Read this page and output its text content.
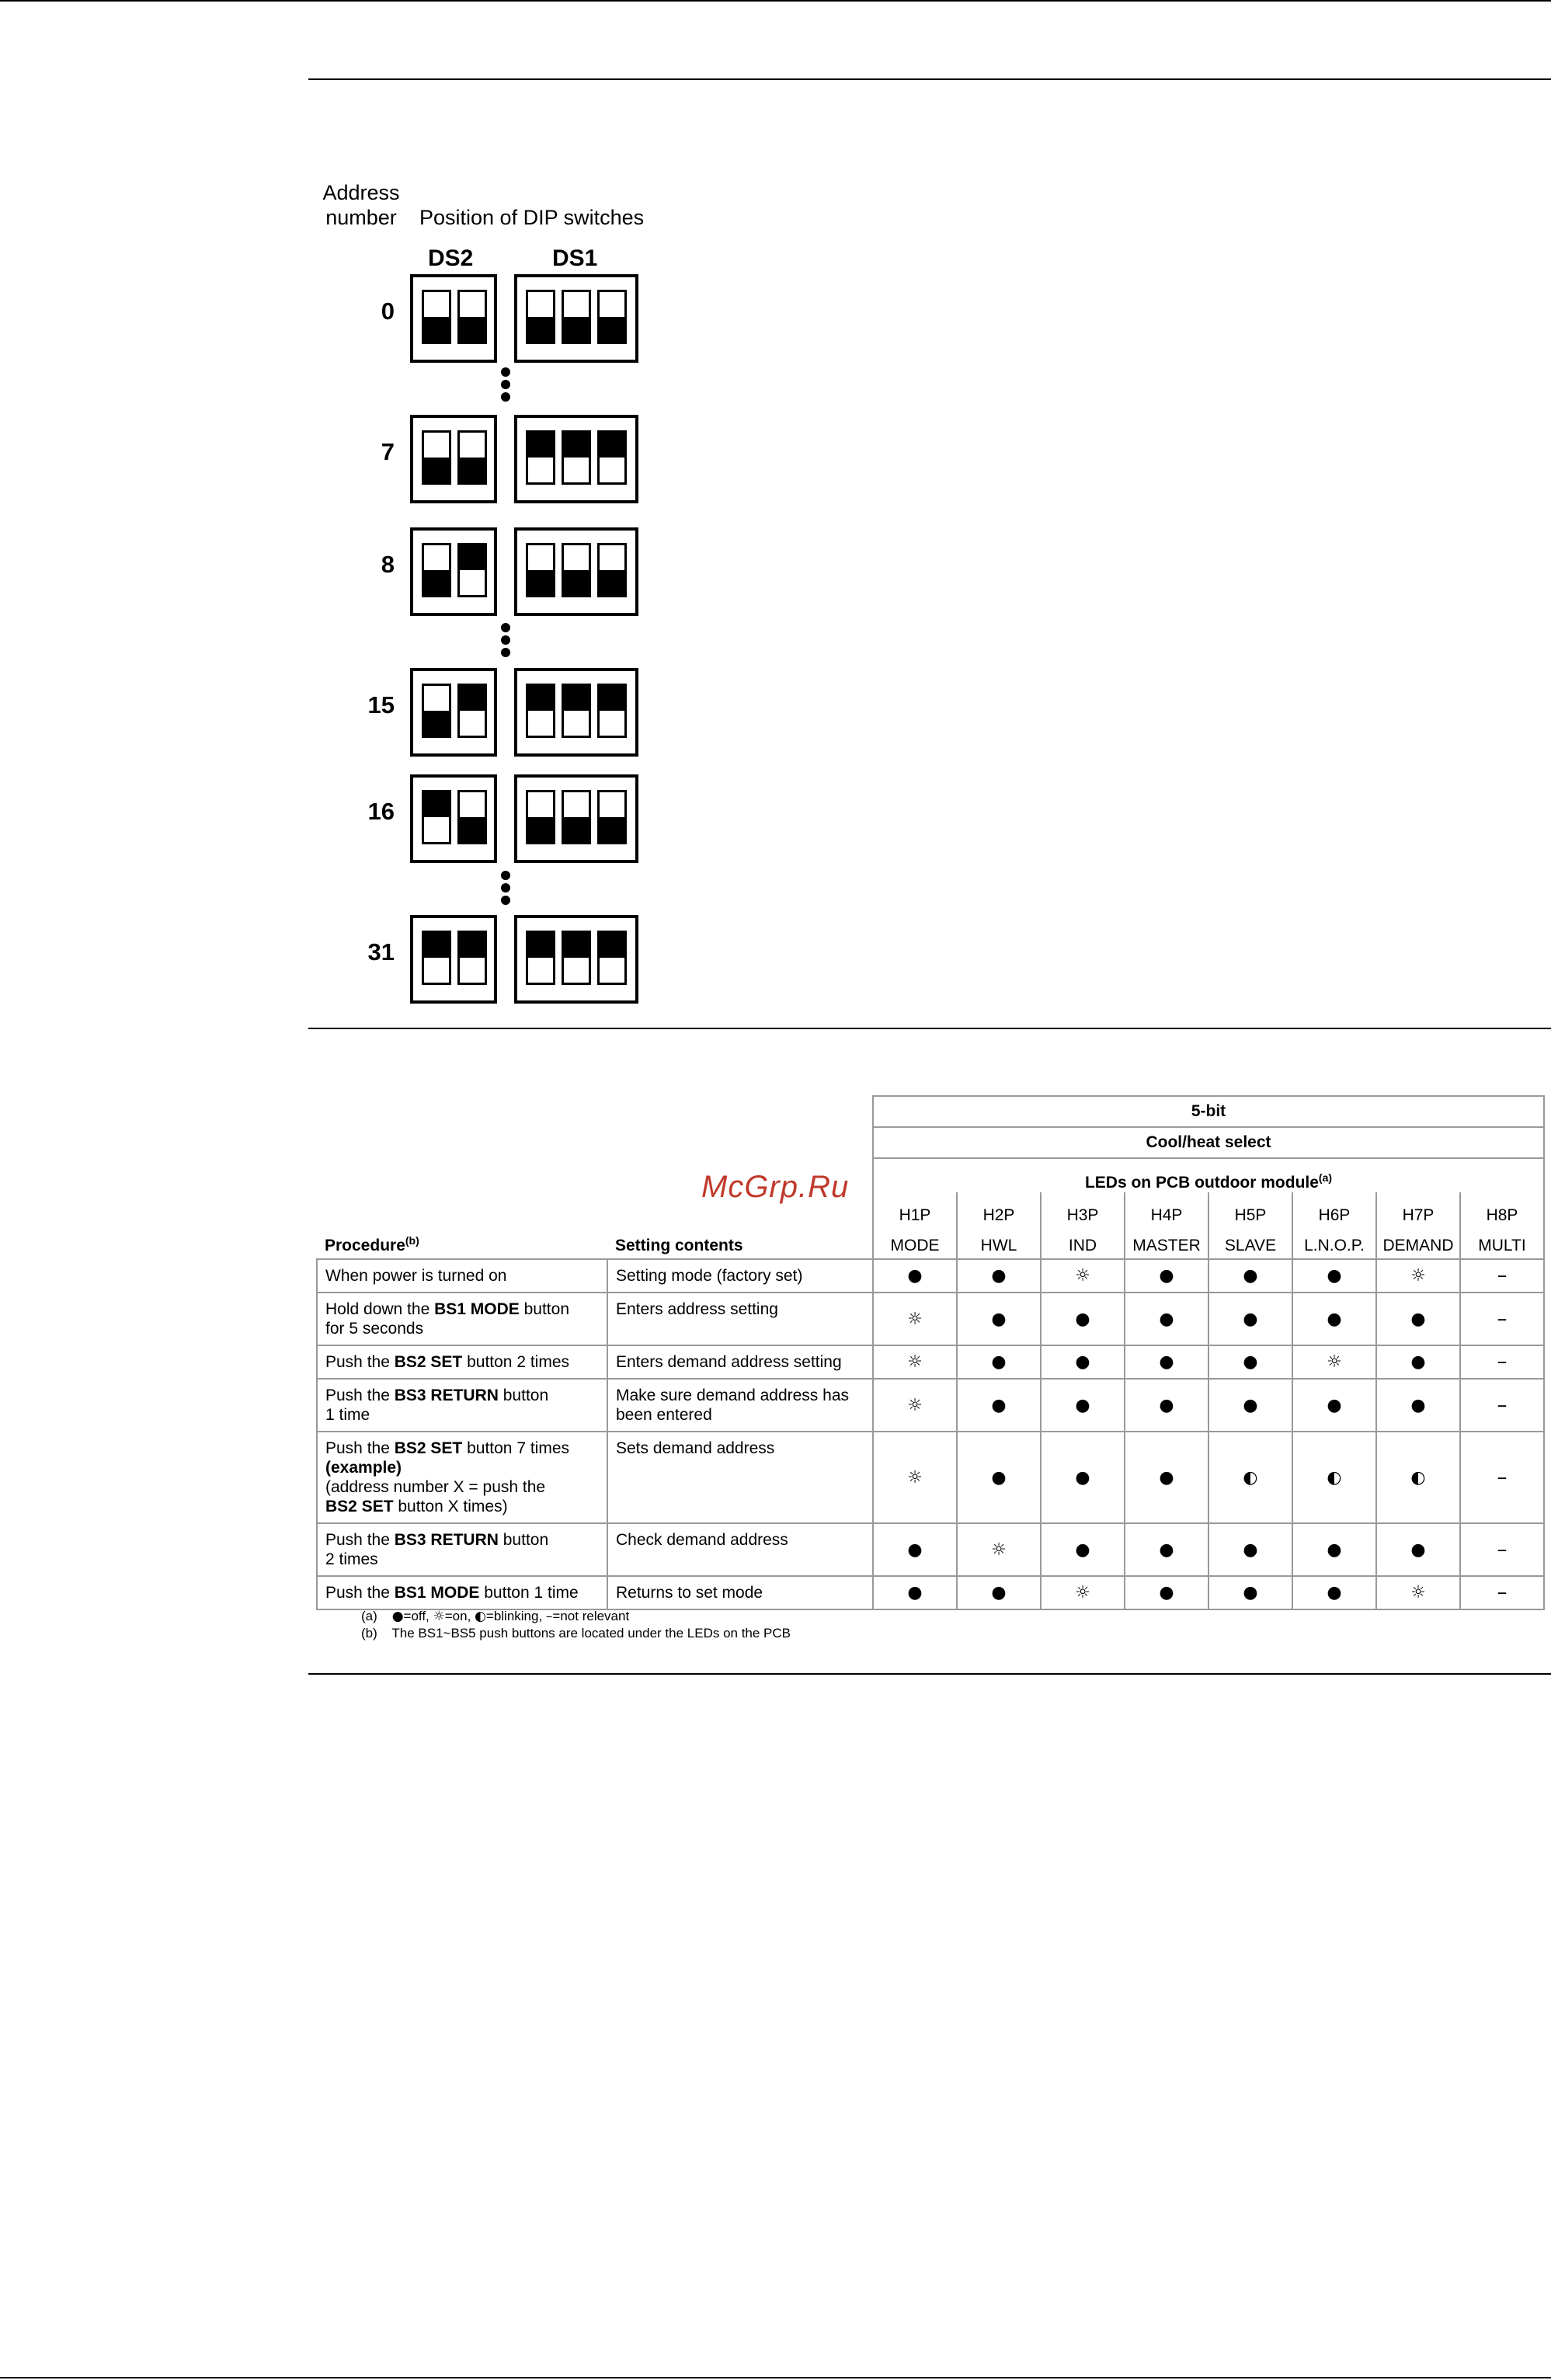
Address
number	Position of DIP switches
DS2	DS1
0
7
8
15
16
31
McGrp.Ru
		5-bit							
		Cool/heat select							
		LEDs on PCB outdoor module$^{(a)}$
		H1P	H2P	H3P	H4P	H5P	H6P	H7P	H8P
Procedure$^{(b)}$	Setting contents	MODE	HWL	IND	MASTER	SLAVE	L.N.O.P.	DEMAND	MULTI
When power is turned on	Setting mode (factory set)	●	●	☼	●	●	●	☼	–
Hold down the BS1 MODE button
for 5 seconds	Enters address setting	☼	●	●	●	●	●	●	–
Push the BS2 SET button 2 times	Enters demand address setting	☼	●	●	●	●	☼	●	–
Push the BS3 RETURN button
1 time	Make sure demand address has
been entered	☼	●	●	●	●	●	●	–
Push the BS2 SET button 7 times
(example)
(address number X = push the
BS2 SET button X times)	Sets demand address	☼	●	●	●	◐	◐	◐	–
Push the BS3 RETURN button
2 times	Check demand address	●	☼	●	●	●	●	●	–
Push the BS1 MODE button 1 time	Returns to set mode	●	●	☼	●	●	●	☼	–
(a) ●=off, ☼=on, ◐=blinking, –=not relevant
(b) The BS1~BS5 push buttons are located under the LEDs on the PCB
